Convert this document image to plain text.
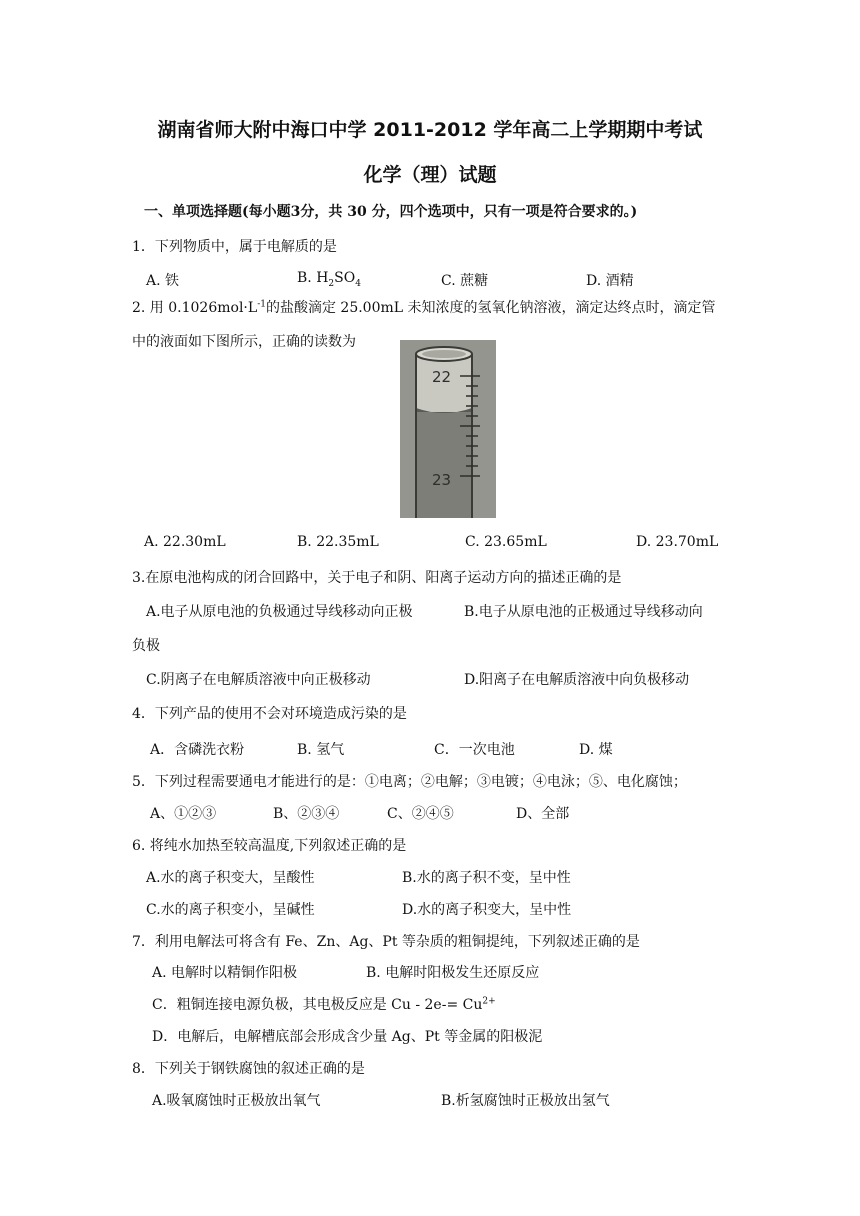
湖南省师大附中海口中学 2011-2012 学年高二上学期期中考试
化学（理）试题
一、单项选择题(每小题3分，共 30 分，四个选项中，只有一项是符合要求的。)
1．下列物质中，属于电解质的是
A. 铁	B. $H_2SO_4$	C. 蔗糖	D. 酒精
2. 用 $0.1026mol\cdot L^{-1}$的盐酸滴定 25.00mL 未知浓度的氢氧化钠溶液，滴定达终点时，滴定管
中的液面如下图所示，正确的读数为
22
23
A. 22.30mL	B. 22.35mL	C. 23.65mL	D. 23.70mL
3.在原电池构成的闭合回路中，关于电子和阴、阳离子运动方向的描述正确的是
A.电子从原电池的负极通过导线移动向正极	B.电子从原电池的正极通过导线移动向
负极
C.阴离子在电解质溶液中向正极移动	D.阳离子在电解质溶液中向负极移动
4．下列产品的使用不会对环境造成污染的是
A．含磷洗衣粉	B. 氢气	C．一次电池	D. 煤
5．下列过程需要通电才能进行的是：①电离；②电解；③电镀；④电泳；⑤、电化腐蚀；
A、①②③	B、②③④	C、②④⑤	D、全部
6. 将纯水加热至较高温度,下列叙述正确的是
A.水的离子积变大，呈酸性	B.水的离子积不变，呈中性
C.水的离子积变小，呈碱性	D.水的离子积变大，呈中性
7．利用电解法可将含有 Fe、Zn、Ag、Pt 等杂质的粗铜提纯，下列叙述正确的是
A. 电解时以精铜作阳极	B. 电解时阳极发生还原反应
C．粗铜连接电源负极，其电极反应是 $Cu - 2e-= Cu^{2+}$
D．电解后，电解槽底部会形成含少量 Ag、Pt 等金属的阳极泥
8．下列关于钢铁腐蚀的叙述正确的是
A.吸氧腐蚀时正极放出氧气	B.析氢腐蚀时正极放出氢气
